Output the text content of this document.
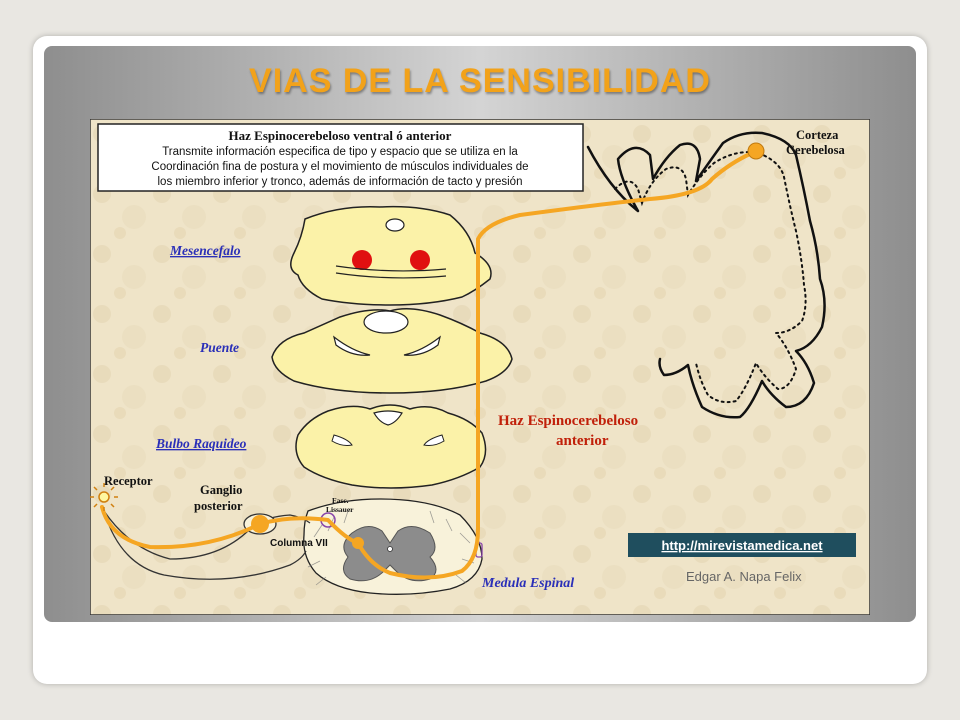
VIAS DE LA SENSIBILIDAD
Haz Espinocerebeloso ventral ó anterior
Transmite información especifica de tipo y espacio que se utiliza en la
Coordinación fina de postura y el movimiento de músculos individuales de
los miembro inferior y tronco, además de información de tacto y presión
Corteza
Cerebelosa
Mesencefalo
Puente
Bulbo Raquideo
Haz Espinocerebeloso
anterior
Receptor
Ganglio
posterior	Fasc.
Lissauer
Columna VII
Medula Espinal
http://mirevistamedica.net
Edgar A. Napa Felix
